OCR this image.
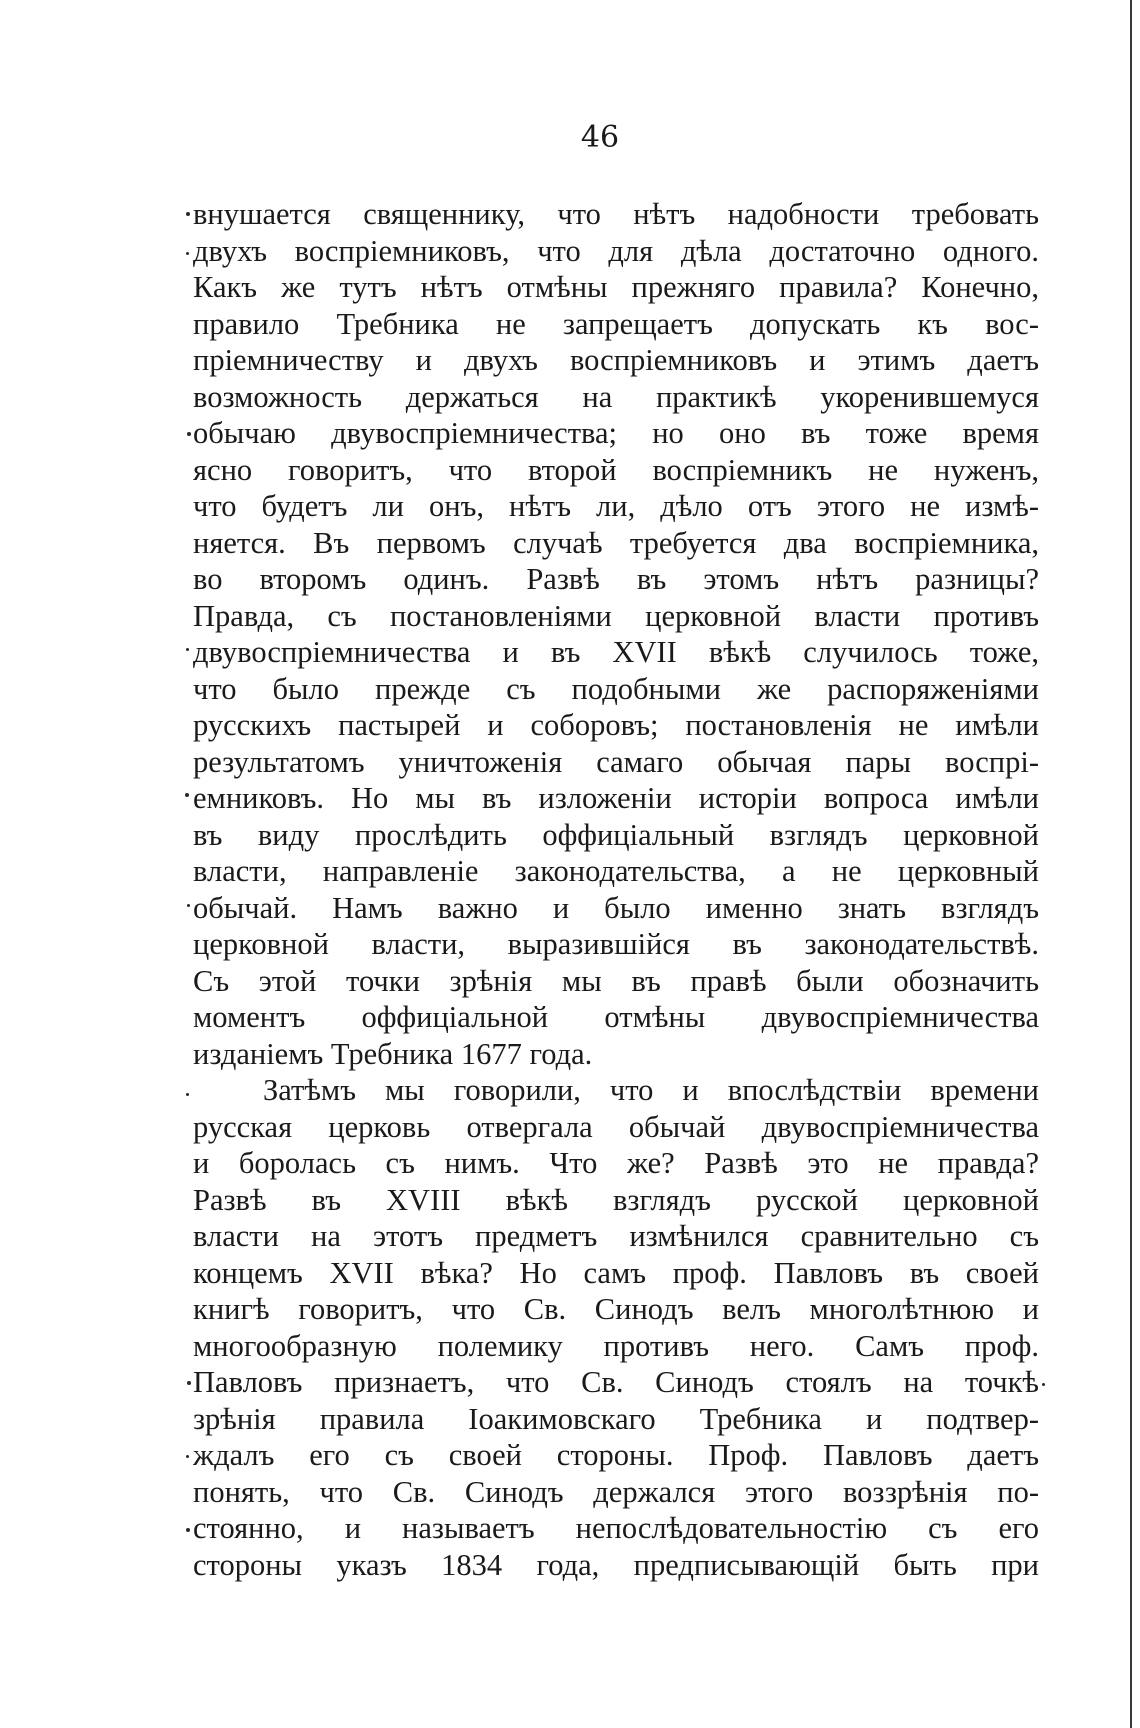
46
внушается священнику, что нѣтъ надобности требовать
двухъ воспріемниковъ, что для дѣла достаточно одного.
Какъ же тутъ нѣтъ отмѣны прежняго правила? Конечно,
правило Требника не запрещаетъ допускать къ вос-
пріемничеству и двухъ воспріемниковъ и этимъ даетъ
возможность держаться на практикѣ укоренившемуся
обычаю двувоспріемничества; но оно въ тоже время
ясно говоритъ, что второй воспріемникъ не нуженъ,
что будетъ ли онъ, нѣтъ ли, дѣло отъ этого не измѣ-
няется. Въ первомъ случаѣ требуется два воспріемника,
во второмъ одинъ. Развѣ въ этомъ нѣтъ разницы?
Правда, съ постановленіями церковной власти противъ
двувоспріемничества и въ XVII вѣкѣ случилось тоже,
что было прежде съ подобными же распоряженіями
русскихъ пастырей и соборовъ; постановленія не имѣли
результатомъ уничтоженія самаго обычая пары воспрі-
емниковъ. Но мы въ изложеніи исторіи вопроса имѣли
въ виду прослѣдить оффиціальный взглядъ церковной
власти, направленіе законодательства, а не церковный
обычай. Намъ важно и было именно знать взглядъ
церковной власти, выразившійся въ законодательствѣ.
Съ этой точки зрѣнія мы въ правѣ были обозначить
моментъ оффиціальной отмѣны двувоспріемничества
изданіемъ Требника 1677 года.
Затѣмъ мы говорили, что и впослѣдствіи времени
русская церковь отвергала обычай двувоспріемничества
и боролась съ нимъ. Что же? Развѣ это не правда?
Развѣ въ XVIII вѣкѣ взглядъ русской церковной
власти на этотъ предметъ измѣнился сравнительно съ
концемъ XVII вѣка? Но самъ проф. Павловъ въ своей
книгѣ говоритъ, что Св. Синодъ велъ многолѣтнюю и
многообразную полемику противъ него. Самъ проф.
Павловъ признаетъ, что Св. Синодъ стоялъ на точкѣ
зрѣнія правила Іоакимовскаго Требника и подтвер-
ждалъ его съ своей стороны. Проф. Павловъ даетъ
понять, что Св. Синодъ держался этого воззрѣнія по-
стоянно, и называетъ непослѣдовательностію съ его
стороны указъ 1834 года, предписывающій быть при
